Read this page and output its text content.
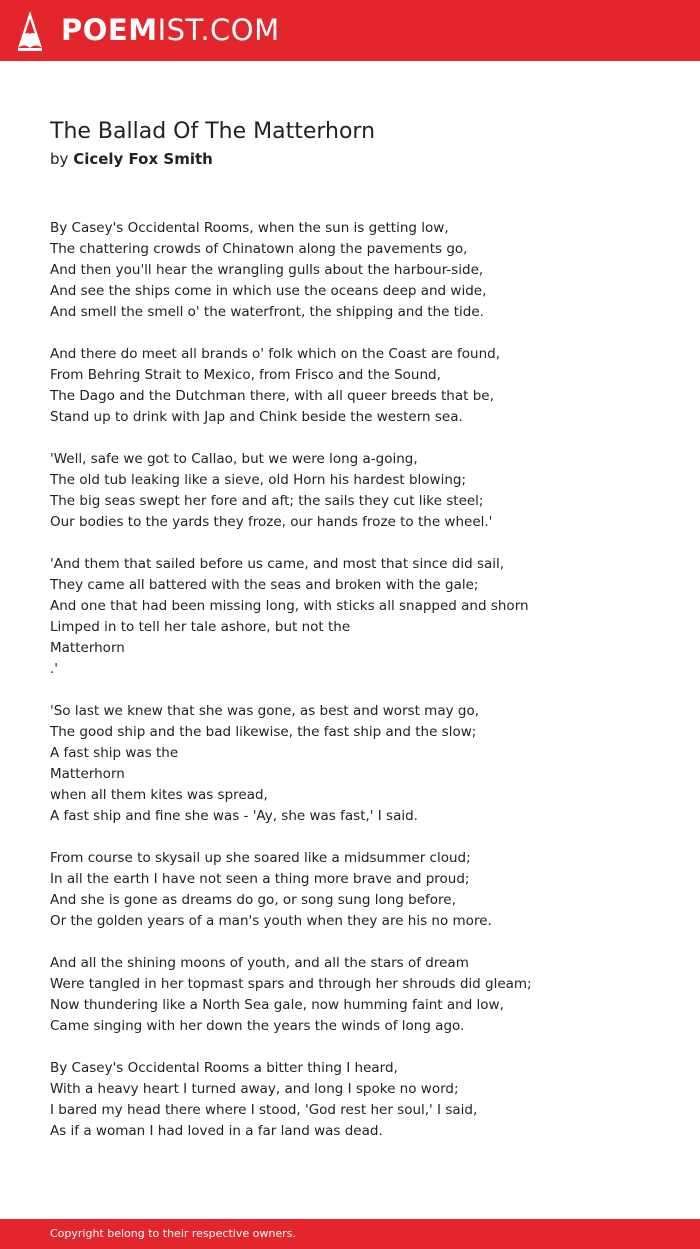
POEMIST.COM
The Ballad Of The Matterhorn
by Cicely Fox Smith
By Casey's Occidental Rooms, when the sun is getting low,
The chattering crowds of Chinatown along the pavements go,
And then you'll hear the wrangling gulls about the harbour-side,
And see the ships come in which use the oceans deep and wide,
And smell the smell o' the waterfront, the shipping and the tide.
And there do meet all brands o' folk which on the Coast are found,
From Behring Strait to Mexico, from Frisco and the Sound,
The Dago and the Dutchman there, with all queer breeds that be,
Stand up to drink with Jap and Chink beside the western sea.
'Well, safe we got to Callao, but we were long a-going,
The old tub leaking like a sieve, old Horn his hardest blowing;
The big seas swept her fore and aft; the sails they cut like steel;
Our bodies to the yards they froze, our hands froze to the wheel.'
'And them that sailed before us came, and most that since did sail,
They came all battered with the seas and broken with the gale;
And one that had been missing long, with sticks all snapped and shorn
Limped in to tell her tale ashore, but not the
Matterhorn
.'
'So last we knew that she was gone, as best and worst may go,
The good ship and the bad likewise, the fast ship and the slow;
A fast ship was the
Matterhorn
when all them kites was spread,
A fast ship and fine she was - 'Ay, she was fast,' I said.
From course to skysail up she soared like a midsummer cloud;
In all the earth I have not seen a thing more brave and proud;
And she is gone as dreams do go, or song sung long before,
Or the golden years of a man's youth when they are his no more.
And all the shining moons of youth, and all the stars of dream
Were tangled in her topmast spars and through her shrouds did gleam;
Now thundering like a North Sea gale, now humming faint and low,
Came singing with her down the years the winds of long ago.
By Casey's Occidental Rooms a bitter thing I heard,
With a heavy heart I turned away, and long I spoke no word;
I bared my head there where I stood, 'God rest her soul,' I said,
As if a woman I had loved in a far land was dead.
Copyright belong to their respective owners.
